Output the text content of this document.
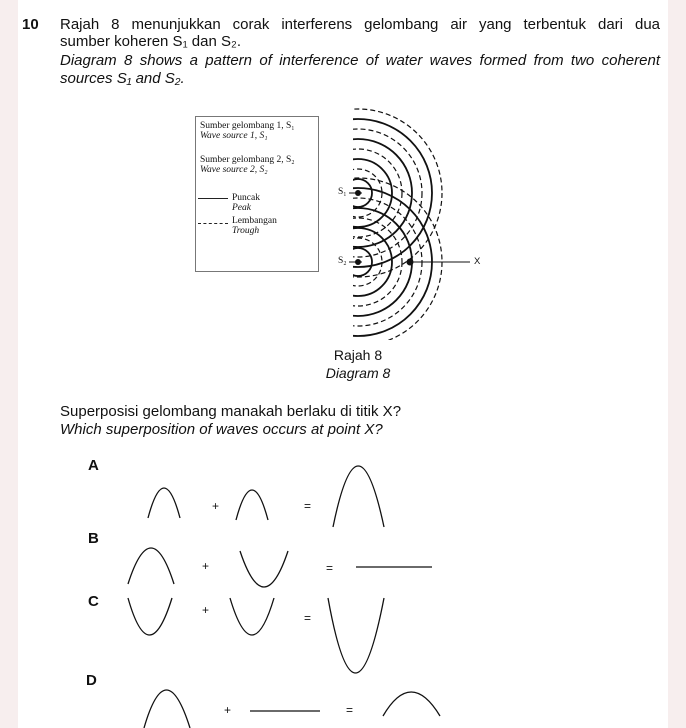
10 Rajah 8 menunjukkan corak interferens gelombang air yang terbentuk dari dua
sumber koheren S₁ dan S₂.
Diagram 8 shows a pattern of interference of water waves formed from two coherent
sources S₁ and S₂.
Sumber gelombang 1, S₁
Wave source 1, S₁
Sumber gelombang 2, S₂
Wave source 2, S₂
Puncak
Peak
Lembangan
Trough
S₁
S₂	X
Rajah 8
Diagram 8
Superposisi gelombang manakah berlaku di titik X?
Which superposition of waves occurs at point X?
A
B
C
D
+	=
+	=
+
=
+	=
